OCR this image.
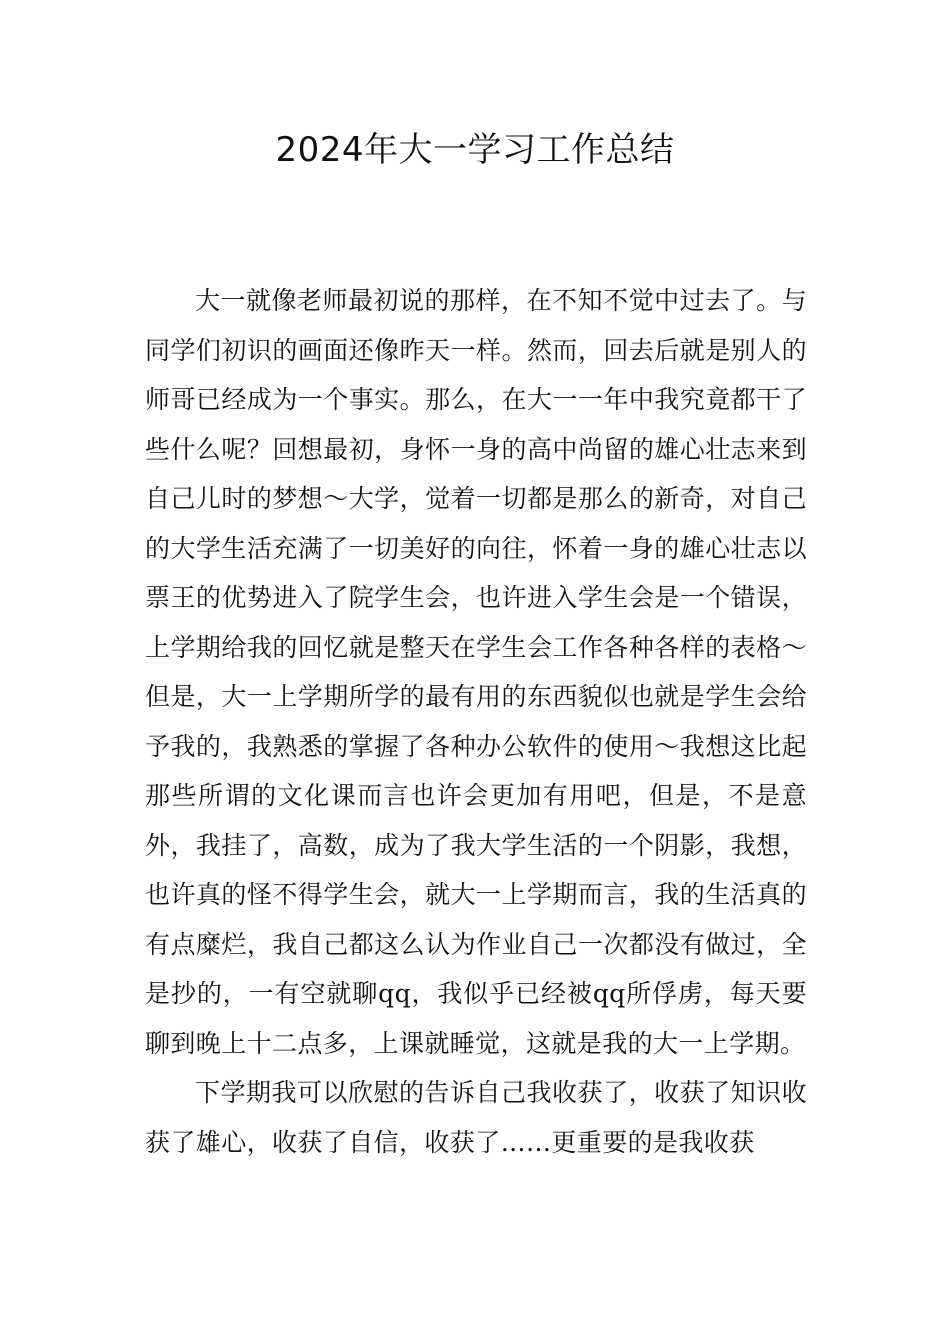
2024年大一学习工作总结

大一就像老师最初说的那样，在不知不觉中过去了。与同学们初识的画面还像昨天一样。然而，回去后就是别人的师哥已经成为一个事实。那么，在大一一年中我究竟都干了些什么呢？回想最初，身怀一身的高中尚留的雄心壮志来到自己儿时的梦想～大学，觉着一切都是那么的新奇，对自己的大学生活充满了一切美好的向往，怀着一身的雄心壮志以票王的优势进入了院学生会，也许进入学生会是一个错误，上学期给我的回忆就是整天在学生会工作各种各样的表格～但是，大一上学期所学的最有用的东西貌似也就是学生会给予我的，我熟悉的掌握了各种办公软件的使用～我想这比起那些所谓的文化课而言也许会更加有用吧，但是，不是意外，我挂了，高数，成为了我大学生活的一个阴影，我想，也许真的怪不得学生会，就大一上学期而言，我的生活真的有点糜烂，我自己都这么认为作业自己一次都没有做过，全是抄的，一有空就聊qq，我似乎已经被qq所俘虏，每天要聊到晚上十二点多，上课就睡觉，这就是我的大一上学期。

下学期我可以欣慰的告诉自己我收获了，收获了知识收获了雄心，收获了自信，收获了……更重要的是我收获
